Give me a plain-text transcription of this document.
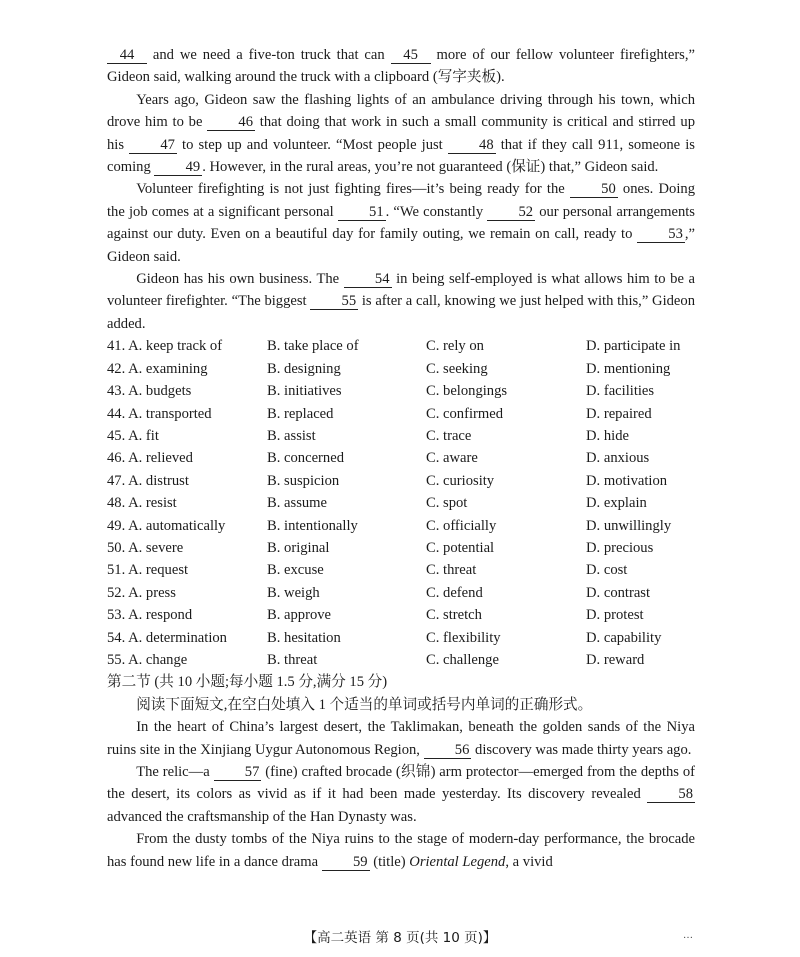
44 and we need a five-ton truck that can 45 more of our fellow volunteer firefighters,” Gideon said, walking around the truck with a clipboard (写字夹板).

Years ago, Gideon saw the flashing lights of an ambulance driving through his town, which drove him to be 46 that doing that work in such a small community is critical and stirred up his 47 to step up and volunteer. “Most people just 48 that if they call 911, someone is coming 49 . However, in the rural areas, you’re not guaranteed (保证) that,” Gideon said.

Volunteer firefighting is not just fighting fires—it’s being ready for the 50 ones. Doing the job comes at a significant personal 51 . “We constantly 52 our personal arrangements against our duty. Even on a beautiful day for family outing, we remain on call, ready to 53 ,” Gideon said.

Gideon has his own business. The 54 in being self-employed is what allows him to be a volunteer firefighter. “The biggest 55 is after a call, knowing we just helped with this,” Gideon added.

41. A. keep track of	B. take place of	C. rely on	D. participate in
42. A. examining	B. designing	C. seeking	D. mentioning
43. A. budgets	B. initiatives	C. belongings	D. facilities
44. A. transported	B. replaced	C. confirmed	D. repaired
45. A. fit	B. assist	C. trace	D. hide
46. A. relieved	B. concerned	C. aware	D. anxious
47. A. distrust	B. suspicion	C. curiosity	D. motivation
48. A. resist	B. assume	C. spot	D. explain
49. A. automatically	B. intentionally	C. officially	D. unwillingly
50. A. severe	B. original	C. potential	D. precious
51. A. request	B. excuse	C. threat	D. cost
52. A. press	B. weigh	C. defend	D. contrast
53. A. respond	B. approve	C. stretch	D. protest
54. A. determination	B. hesitation	C. flexibility	D. capability
55. A. change	B. threat	C. challenge	D. reward
第二节 (共 10 小题;每小题 1.5 分,满分 15 分)

阅读下面短文,在空白处填入 1 个适当的单词或括号内单词的正确形式。

In the heart of China’s largest desert, the Taklimakan, beneath the golden sands of the Niya ruins site in the Xinjiang Uygur Autonomous Region, 56 discovery was made thirty years ago.

The relic—a 57 (fine) crafted brocade (织锦) arm protector—emerged from the depths of the desert, its colors as vivid as if it had been made yesterday. Its discovery revealed 58 advanced the craftsmanship of the Han Dynasty was.

From the dusty tombs of the Niya ruins to the stage of modern-day performance, the brocade has found new life in a dance drama 59 (title) Oriental Legend, a vivid

【高二英语 第 8 页(共 10 页)】	…
